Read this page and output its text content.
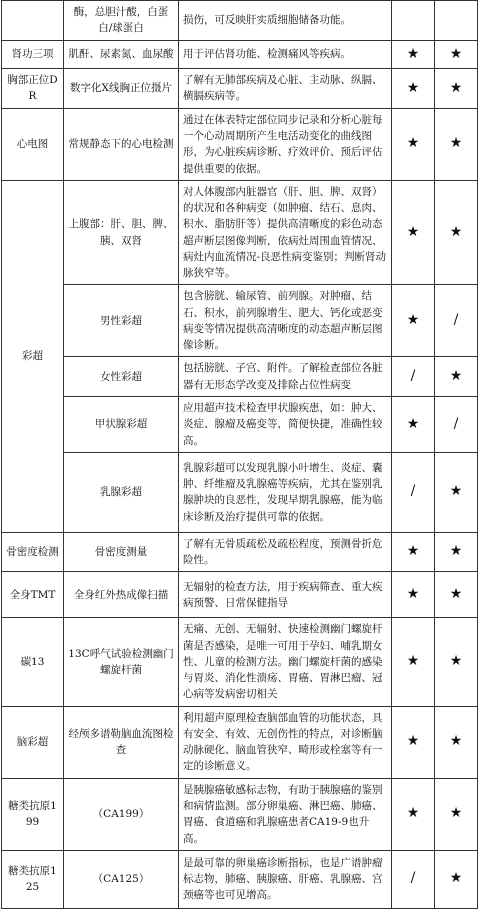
	酶，总胆汁酸，白蛋白/球蛋白	损伤，可反映肝实质细胞储备功能。		
肾功三项	肌酐、尿素氮、血尿酸	用于评估肾功能、检测痛风等疾病。	★	★
胸部正位DR	数字化X线胸正位摄片	了解有无肺部疾病及心脏、主动脉、纵膈、横膈疾病等。	★	★
心电图	常规静态下的心电检测	通过在体表特定部位同步记录和分析心脏每一个心动周期所产生电活动变化的曲线图形，为心脏疾病诊断、疗效评价、预后评估提供重要的依据。	★	★
彩超	上腹部：肝、胆、脾、胰、双肾	对人体腹部内脏器官（肝、胆、脾、双肾）的状况和各种病变（如肿瘤、结石、息肉、积水、脂肪肝等）提供高清晰度的彩色动态超声断层图像判断，依病灶周围血管情况、病灶内血流情况-良恶性病变鉴别；判断肾动脉狭窄等。	★	★
	男性彩超	包含膀胱、输尿管、前列腺。对肿瘤、结石、积水，前列腺增生、肥大、钙化或恶变病变等情况提供高清晰度的动态超声断层图像诊断。	★	/
	女性彩超	包括膀胱、子宫、附件。了解检查部位各脏器有无形态学改变及排除占位性病变	/	★
	甲状腺彩超	应用超声技术检查甲状腺疾患，如：肿大、炎症、腺瘤及癌变等，简便快捷，准确性较高。	★	/
	乳腺彩超	乳腺彩超可以发现乳腺小叶增生、炎症、囊肿、纤维瘤及乳腺癌等疾病，尤其在鉴别乳腺肿块的良恶性，发现早期乳腺癌，能为临床诊断及治疗提供可靠的依据。	/	★
骨密度检测	骨密度测量	了解有无骨质疏松及疏松程度，预测骨折危险性。	★	★
全身TMT	全身红外热成像扫描	无辐射的检查方法，用于疾病筛查、重大疾病预警、日常保健指导	★	★
碳13	13C呼气试验检测幽门螺旋杆菌	无痛、无创、无辐射、快速检测幽门螺旋杆菌是否感染，是唯一可用于孕妇、哺乳期女性、儿童的检测方法。幽门螺旋杆菌的感染与胃炎、消化性溃疡、胃癌、胃淋巴瘤、冠心病等发病密切相关	★	★
脑彩超	经颅多谱勒脑血流图检查	利用超声原理检查脑部血管的功能状态，具有安全、有效、无创伤性的特点，对诊断脑动脉硬化、脑血管狭窄、畸形或栓塞等有一定的诊断意义。	★	★
糖类抗原199	（CA199）	是胰腺癌敏感标志物，有助于胰腺癌的鉴别和病情监测。部分卵巢癌、淋巴癌、肺癌、胃癌、食道癌和乳腺癌患者CA19-9也升高。	★	★
糖类抗原125	（CA125）	是最可靠的卵巢癌诊断指标，也是广谱肿瘤标志物，肺癌、胰腺癌、肝癌、乳腺癌、宫颈癌等也可见增高。	/	★
